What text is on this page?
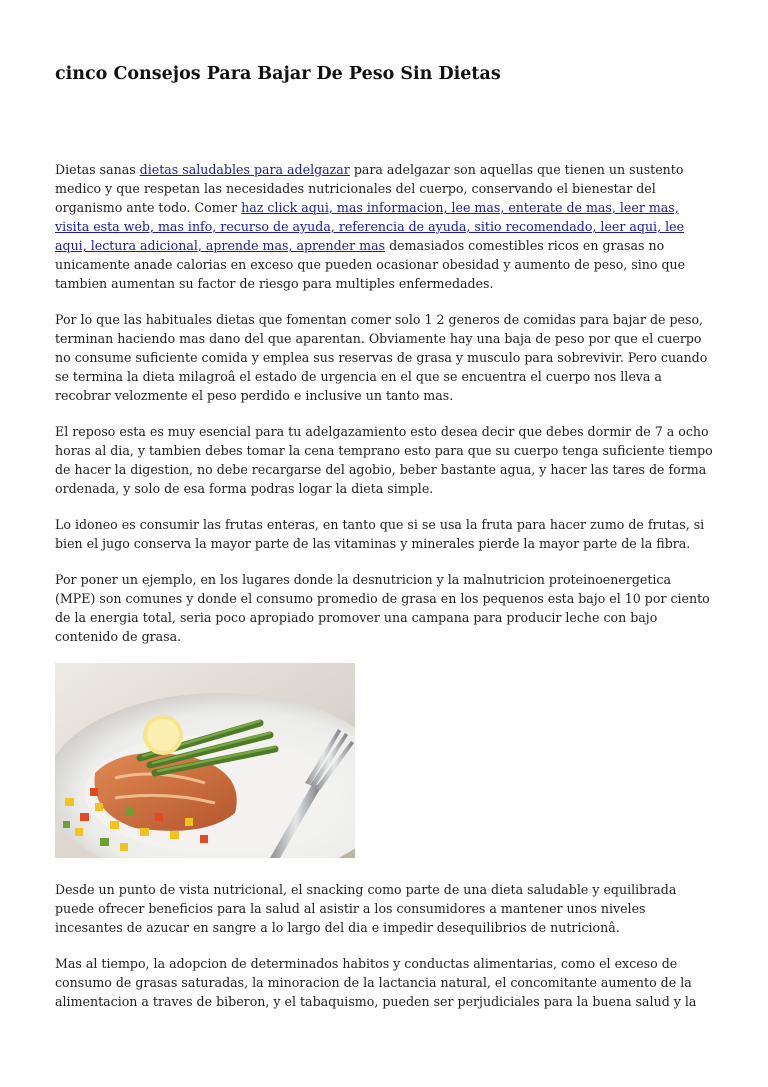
cinco Consejos Para Bajar De Peso Sin Dietas

Dietas sanas dietas saludables para adelgazar para adelgazar son aquellas que tienen un sustento medico y que respetan las necesidades nutricionales del cuerpo, conservando el bienestar del organismo ante todo. Comer haz click aqui, mas informacion, lee mas, enterate de mas, leer mas, visita esta web, mas info, recurso de ayuda, referencia de ayuda, sitio recomendado, leer aqui, lee aqui, lectura adicional, aprende mas, aprender mas demasiados comestibles ricos en grasas no unicamente anade calorias en exceso que pueden ocasionar obesidad y aumento de peso, sino que tambien aumentan su factor de riesgo para multiples enfermedades.

Por lo que las habituales dietas que fomentan comer solo 1 2 generos de comidas para bajar de peso, terminan haciendo mas dano del que aparentan. Obviamente hay una baja de peso por que el cuerpo no consume suficiente comida y emplea sus reservas de grasa y musculo para sobrevivir. Pero cuando se termina la dieta milagroâ el estado de urgencia en el que se encuentra el cuerpo nos lleva a recobrar velozmente el peso perdido e inclusive un tanto mas.

El reposo esta es muy esencial para tu adelgazamiento esto desea decir que debes dormir de 7 a ocho horas al dia, y tambien debes tomar la cena temprano esto para que su cuerpo tenga suficiente tiempo de hacer la digestion, no debe recargarse del agobio, beber bastante agua, y hacer las tares de forma ordenada, y solo de esa forma podras logar la dieta simple.

Lo idoneo es consumir las frutas enteras, en tanto que si se usa la fruta para hacer zumo de frutas, si bien el jugo conserva la mayor parte de las vitaminas y minerales pierde la mayor parte de la fibra.

Por poner un ejemplo, en los lugares donde la desnutricion y la malnutricion proteinoenergetica (MPE) son comunes y donde el consumo promedio de grasa en los pequenos esta bajo el 10 por ciento de la energia total, seria poco apropiado promover una campana para producir leche con bajo contenido de grasa.

Desde un punto de vista nutricional, el snacking como parte de una dieta saludable y equilibrada puede ofrecer beneficios para la salud al asistir a los consumidores a mantener unos niveles incesantes de azucar en sangre a lo largo del dia e impedir desequilibrios de nutricionâ.

Mas al tiempo, la adopcion de determinados habitos y conductas alimentarias, como el exceso de consumo de grasas saturadas, la minoracion de la lactancia natural, el concomitante aumento de la alimentacion a traves de biberon, y el tabaquismo, pueden ser perjudiciales para la buena salud y la
